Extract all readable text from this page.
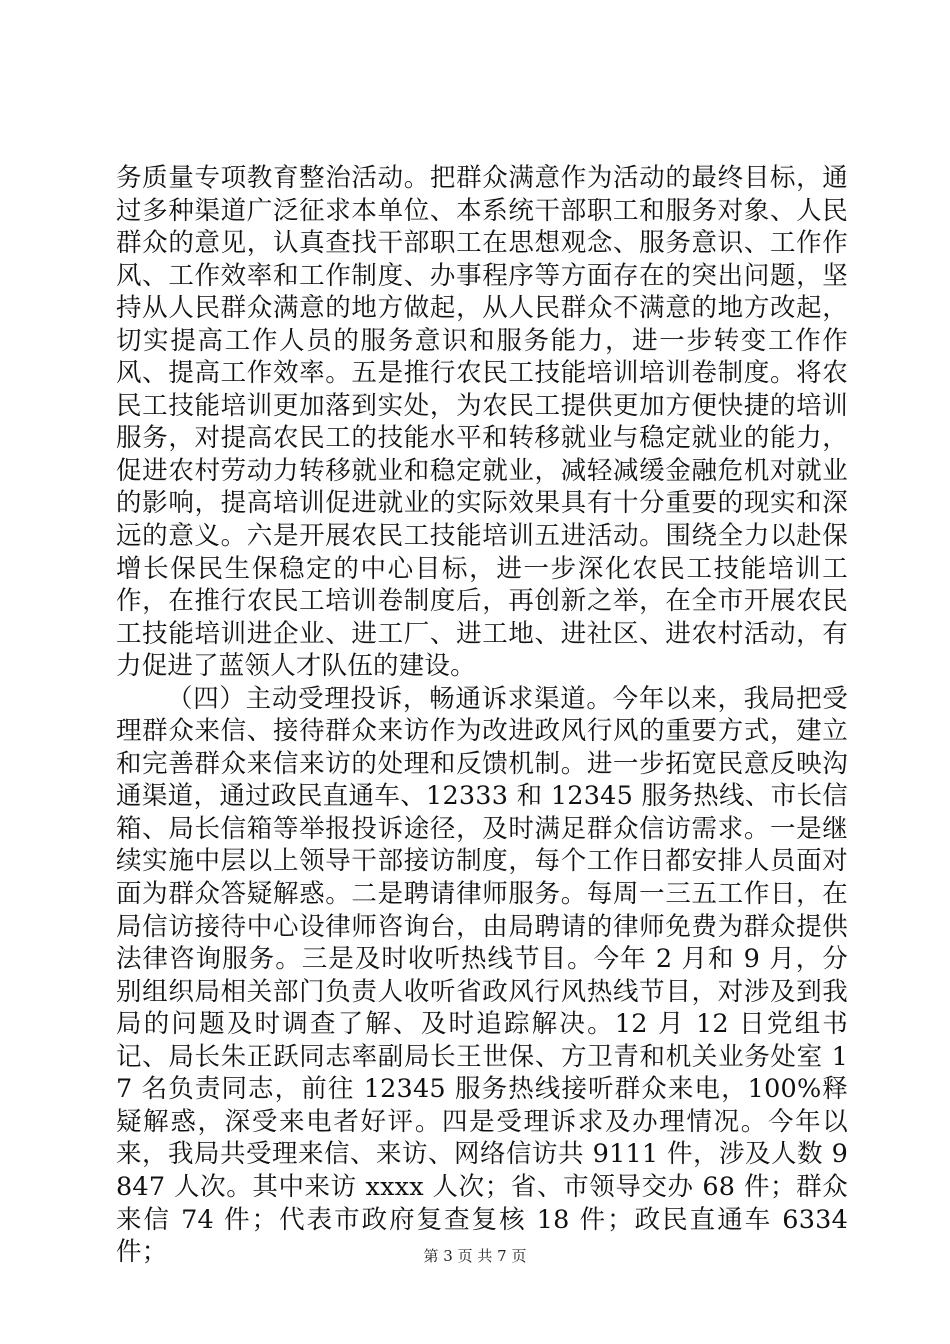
务质量专项教育整治活动。把群众满意作为活动的最终目标，通过多种渠道广泛征求本单位、本系统干部职工和服务对象、人民群众的意见，认真查找干部职工在思想观念、服务意识、工作作风、工作效率和工作制度、办事程序等方面存在的突出问题，坚持从人民群众满意的地方做起，从人民群众不满意的地方改起，切实提高工作人员的服务意识和服务能力，进一步转变工作作风、提高工作效率。五是推行农民工技能培训培训卷制度。将农民工技能培训更加落到实处，为农民工提供更加方便快捷的培训服务，对提高农民工的技能水平和转移就业与稳定就业的能力，促进农村劳动力转移就业和稳定就业，减轻减缓金融危机对就业的影响，提高培训促进就业的实际效果具有十分重要的现实和深远的意义。六是开展农民工技能培训五进活动。围绕全力以赴保增长保民生保稳定的中心目标，进一步深化农民工技能培训工作，在推行农民工培训卷制度后，再创新之举，在全市开展农民工技能培训进企业、进工厂、进工地、进社区、进农村活动，有力促进了蓝领人才队伍的建设。

（四）主动受理投诉，畅通诉求渠道。今年以来，我局把受理群众来信、接待群众来访作为改进政风行风的重要方式，建立和完善群众来信来访的处理和反馈机制。进一步拓宽民意反映沟通渠道，通过政民直通车、12333 和 12345 服务热线、市长信箱、局长信箱等举报投诉途径，及时满足群众信访需求。一是继续实施中层以上领导干部接访制度，每个工作日都安排人员面对面为群众答疑解惑。二是聘请律师服务。每周一三五工作日，在局信访接待中心设律师咨询台，由局聘请的律师免费为群众提供法律咨询服务。三是及时收听热线节目。今年 2 月和 9 月，分别组织局相关部门负责人收听省政风行风热线节目，对涉及到我局的问题及时调查了解、及时追踪解决。12 月 12 日党组书记、局长朱正跃同志率副局长王世保、方卫青和机关业务处室 17 名负责同志，前往 12345 服务热线接听群众来电，100%释疑解惑，深受来电者好评。四是受理诉求及办理情况。今年以来，我局共受理来信、来访、网络信访共 9111 件，涉及人数 9847 人次。其中来访 xxxx 人次；省、市领导交办 68 件；群众来信 74 件；代表市政府复查复核 18 件；政民直通车 6334 件；	第 3 页 共 7 页
